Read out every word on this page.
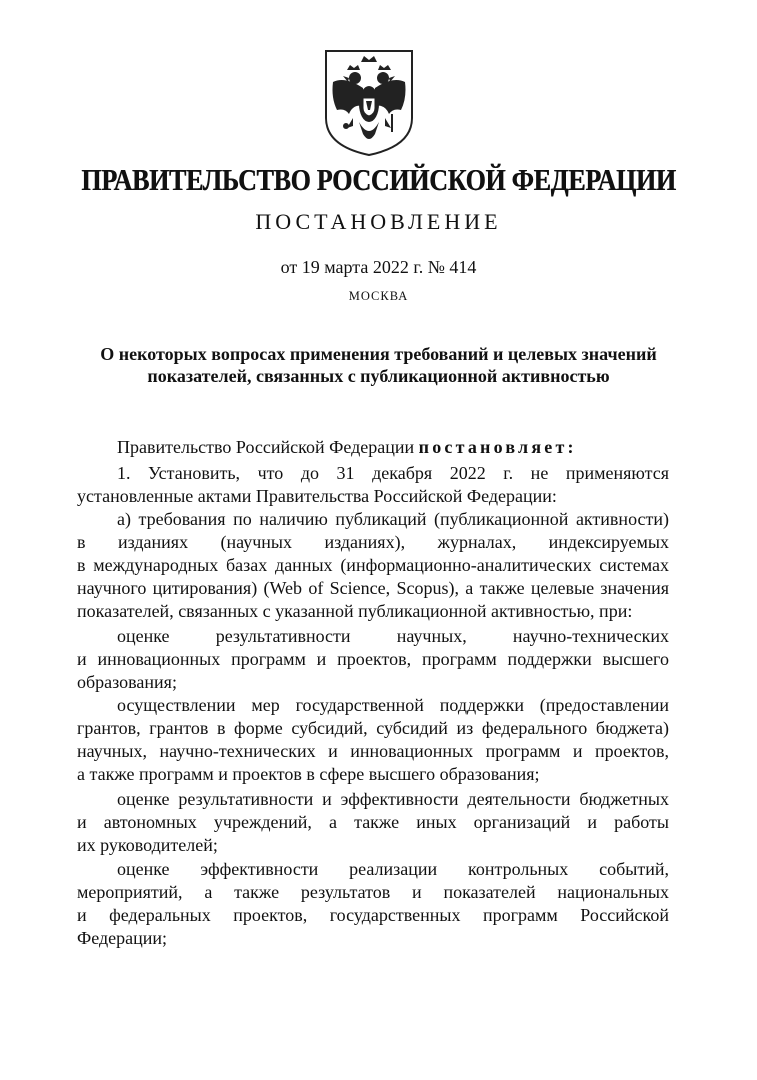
ПРАВИТЕЛЬСТВО РОССИЙСКОЙ ФЕДЕРАЦИИ
ПОСТАНОВЛЕНИЕ
от 19 марта 2022 г. № 414
МОСКВА
О некоторых вопросах применения требований и целевых значений
показателей, связанных с публикационной активностью
Правительство Российской Федерации постановляет:
1. Установить, что до 31 декабря 2022 г. не применяются
установленные актами Правительства Российской Федерации:
а) требования по наличию публикаций (публикационной активности)
в изданиях (научных изданиях), журналах, индексируемых
в международных базах данных (информационно-аналитических системах
научного цитирования) (Web of Science, Scopus), а также целевые значения
показателей, связанных с указанной публикационной активностью, при:
оценке результативности научных, научно-технических
и инновационных программ и проектов, программ поддержки высшего
образования;
осуществлении мер государственной поддержки (предоставлении
грантов, грантов в форме субсидий, субсидий из федерального бюджета)
научных, научно-технических и инновационных программ и проектов,
а также программ и проектов в сфере высшего образования;
оценке результативности и эффективности деятельности бюджетных
и автономных учреждений, а также иных организаций и работы
их руководителей;
оценке эффективности реализации контрольных событий,
мероприятий, а также результатов и показателей национальных
и федеральных проектов, государственных программ Российской
Федерации;
